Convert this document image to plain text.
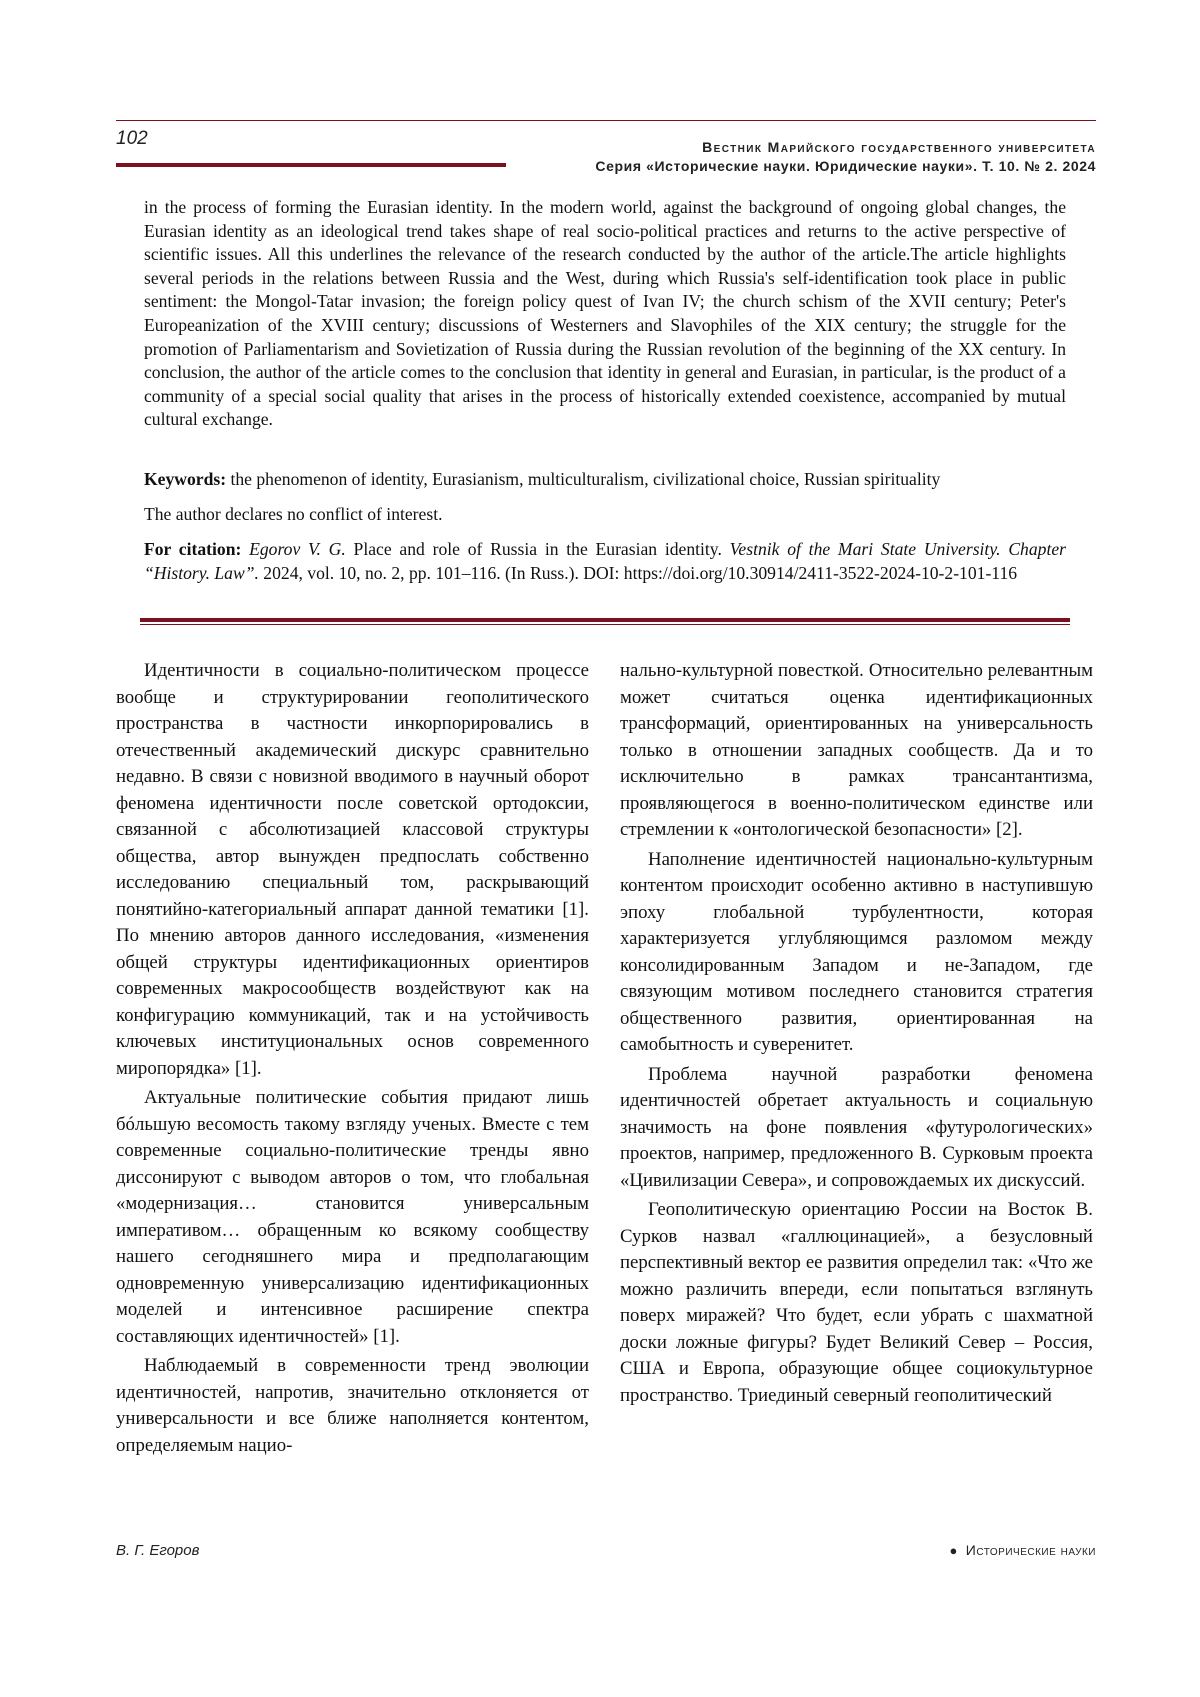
102	Вестник Марийского государственного университета
Серия «Исторические науки. Юридические науки». Т. 10. № 2. 2024

in the process of forming the Eurasian identity. In the modern world, against the background of ongoing global changes, the Eurasian identity as an ideological trend takes shape of real socio-political practices and returns to the active perspective of scientific issues. All this underlines the relevance of the research conducted by the author of the article.The article highlights several periods in the relations between Russia and the West, during which Russia's self-identification took place in public sentiment: the Mongol-Tatar invasion; the foreign policy quest of Ivan IV; the church schism of the XVII century; Peter's Europeanization of the XVIII century; discussions of Westerners and Slavophiles of the XIX century; the struggle for the promotion of Parliamentarism and Sovietization of Russia during the Russian revolution of the beginning of the XX century. In conclusion, the author of the article comes to the conclusion that identity in general and Eurasian, in particular, is the product of a community of a special social quality that arises in the process of historically extended coexistence, accompanied by mutual cultural exchange.

Keywords: the phenomenon of identity, Eurasianism, multiculturalism, civilizational choice, Russian spirituality
The author declares no conflict of interest.
For citation: Egorov V. G. Place and role of Russia in the Eurasian identity. Vestnik of the Mari State University. Chapter “History. Law”. 2024, vol. 10, no. 2, pp. 101–116. (In Russ.). DOI: https://doi.org/10.30914/2411-3522-2024-10-2-101-116

Идентичности в социально-политическом процессе вообще и структурировании геополитического пространства в частности инкорпорировались в отечественный академический дискурс сравнительно недавно. В связи с новизной вводимого в научный оборот феномена идентичности после советской ортодоксии, связанной с абсолютизацией классовой структуры общества, автор вынужден предпослать собственно исследованию специальный том, раскрывающий понятийно-категориальный аппарат данной тематики [1]. По мнению авторов данного исследования, «изменения общей структуры идентификационных ориентиров современных макросообществ воздействуют как на конфигурацию коммуникаций, так и на устойчивость ключевых институциональных основ современного миропорядка» [1].

Актуальные политические события придают лишь бóльшую весомость такому взгляду ученых. Вместе с тем современные социально-политические тренды явно диссонируют с выводом авторов о том, что глобальная «модернизация… становится универсальным императивом… обращенным ко всякому сообществу нашего сегодняшнего мира и предполагающим одновременную универсализацию идентификационных моделей и интенсивное расширение спектра составляющих идентичностей» [1].

Наблюдаемый в современности тренд эволюции идентичностей, напротив, значительно отклоняется от универсальности и все ближе наполняется контентом, определяемым нацио-

нально-культурной повесткой. Относительно релевантным может считаться оценка идентификационных трансформаций, ориентированных на универсальность только в отношении западных сообществ. Да и то исключительно в рамках трансантантизма, проявляющегося в военно-политическом единстве или стремлении к «онтологической безопасности» [2].

Наполнение идентичностей национально-культурным контентом происходит особенно активно в наступившую эпоху глобальной турбулентности, которая характеризуется углубляющимся разломом между консолидированным Западом и не-Западом, где связующим мотивом последнего становится стратегия общественного развития, ориентированная на самобытность и суверенитет.

Проблема научной разработки феномена идентичностей обретает актуальность и социальную значимость на фоне появления «футурологических» проектов, например, предложенного В. Сурковым проекта «Цивилизации Севера», и сопровождаемых их дискуссий.

Геополитическую ориентацию России на Восток В. Сурков назвал «галлюцинацией», а безусловный перспективный вектор ее развития определил так: «Что же можно различить впереди, если попытаться взглянуть поверх миражей? Что будет, если убрать с шахматной доски ложные фигуры? Будет Великий Север – Россия, США и Европа, образующие общее социокультурное пространство. Триединый северный геополитический

В. Г. Егоров	● Исторические науки
